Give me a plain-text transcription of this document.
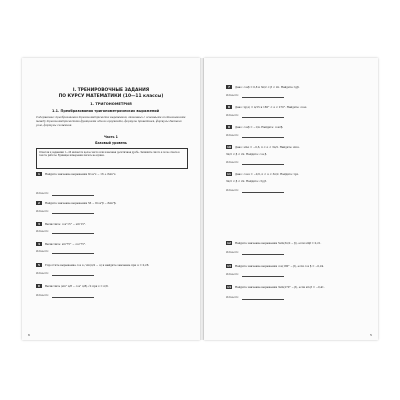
I. ТРЕНИРОВОЧНЫЕ ЗАДАНИЯ
ПО КУРСУ МАТЕМАТИКИ (10—11 классы)
1. ТРИГОНОМЕТРИЯ
1.1. Преобразования тригонометрических выражений
Содержание: преобразования тригонометрических выражений, связанных с основными соотношениями между тригонометрическими функциями одного аргумента, формулы приведения, формулы двойного угла, формулы сложения.
Часть 1
Базовый уровень
Ответом к заданиям 1—26 является целое число или конечная десятичная дробь. Запишите число в поле ответа в тексте работы. Единицы измерения писать не нужно.
1	Найдите значение выражения 8cos²x − 16 + 8sin²x.
Ответ:
2	Найдите значение выражения 56 − 8cos²β − 8sin²β.
Ответ:
3	Вычислите: cos²15° − sin²15°.
Ответ:
4	Вычислите: sin²75° − cos²75°.
Ответ:
5	Упростите выражение cos α / sin(π/2 − α) и найдите значение при α = 0,28.
Ответ:
6	Вычислите (sin² π/8 − cos² π/8)·√2 при x = π/8.
Ответ:
6
7	Дано: cosβ = 0,8 и 3π/2 < β < 2π. Найдите: tgβ.
Ответ:
8	Дано: tg(α) = 4/15 и 180° < α < 270°. Найдите: cosα.
Ответ:
9	Дано: cosβ = −1/4. Найдите: cos2β.
Ответ:
10	Дано: sinα = −0,6, π < α < 3π/2. Найдите: sinα.
3π/2 < β < 2π. Найдите: cos β.
Ответ:
11	Дано: cosα = −0,6, π < α < 3π/2. Найдите: tgα.
3π/2 < β < 2π. Найдите: ctg β.
Ответ:
12	Найдите значение выражения 5sin(3π/2 − β), если sinβ = 0,21.
Ответ:
13	Найдите значение выражения cos(180° − β), если cos β = −0,24.
Ответ:
14	Найдите значение выражения 3sin(270° − β), если sin β = −0,41.
Ответ:
5
